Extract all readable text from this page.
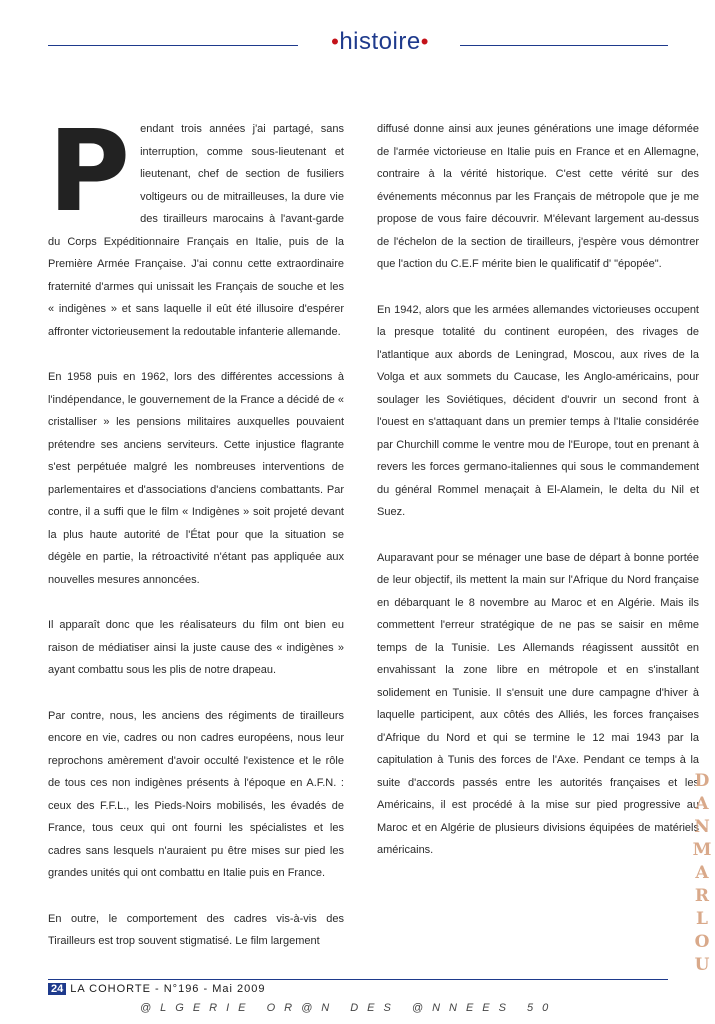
•histoire•

Pendant trois années j'ai partagé, sans interruption, comme sous-lieutenant et lieutenant, chef de section de fusiliers voltigeurs ou de mitrailleuses, la dure vie des tirailleurs marocains à l'avant-garde du Corps Expéditionnaire Français en Italie, puis de la Première Armée Française. J'ai connu cette extraordinaire fraternité d'armes qui unissait les Français de souche et les « indigènes » et sans laquelle il eût été illusoire d'espérer affronter victorieusement la redoutable infanterie allemande.

En 1958 puis en 1962, lors des différentes accessions à l'indépendance, le gouvernement de la France a décidé de « cristalliser » les pensions militaires auxquelles pouvaient prétendre ses anciens serviteurs. Cette injustice flagrante s'est perpétuée malgré les nombreuses interventions de parlementaires et d'associations d'anciens combattants. Par contre, il a suffi que le film « Indigènes » soit projeté devant la plus haute autorité de l'État pour que la situation se dégèle en partie, la rétroactivité n'étant pas appliquée aux nouvelles mesures annoncées.

Il apparaît donc que les réalisateurs du film ont bien eu raison de médiatiser ainsi la juste cause des « indigènes » ayant combattu sous les plis de notre drapeau.

Par contre, nous, les anciens des régiments de tirailleurs encore en vie, cadres ou non cadres européens, nous leur reprochons amèrement d'avoir occulté l'existence et le rôle de tous ces non indigènes présents à l'époque en A.F.N. : ceux des F.F.L., les Pieds-Noirs mobilisés, les évadés de France, tous ceux qui ont fourni les spécialistes et les cadres sans lesquels n'auraient pu être mises sur pied les grandes unités qui ont combattu en Italie puis en France.

En outre, le comportement des cadres vis-à-vis des Tirailleurs est trop souvent stigmatisé. Le film largement

diffusé donne ainsi aux jeunes générations une image déformée de l'armée victorieuse en Italie puis en France et en Allemagne, contraire à la vérité historique. C'est cette vérité sur des événements méconnus par les Français de métropole que je me propose de vous faire découvrir. M'élevant largement au-dessus de l'échelon de la section de tirailleurs, j'espère vous démontrer que l'action du C.E.F mérite bien le qualificatif d' "épopée".

En 1942, alors que les armées allemandes victorieuses occupent la presque totalité du continent européen, des rivages de l'atlantique aux abords de Leningrad, Moscou, aux rives de la Volga et aux sommets du Caucase, les Anglo-américains, pour soulager les Soviétiques, décident d'ouvrir un second front à l'ouest en s'attaquant dans un premier temps à l'Italie considérée par Churchill comme le ventre mou de l'Europe, tout en prenant à revers les forces germano-italiennes qui sous le commandement du général Rommel menaçait à El-Alamein, le delta du Nil et Suez.

Auparavant pour se ménager une base de départ à bonne portée de leur objectif, ils mettent la main sur l'Afrique du Nord française en débarquant le 8 novembre au Maroc et en Algérie. Mais ils commettent l'erreur stratégique de ne pas se saisir en même temps de la Tunisie. Les Allemands réagissent aussitôt en envahissant la zone libre en métropole et en s'installant solidement en Tunisie. Il s'ensuit une dure campagne d'hiver à laquelle participent, aux côtés des Alliés, les forces françaises d'Afrique du Nord et qui se termine le 12 mai 1943 par la capitulation à Tunis des forces de l'Axe. Pendant ce temps à la suite d'accords passés entre les autorités françaises et les Américains, il est procédé à la mise sur pied progressive au Maroc et en Algérie de plusieurs divisions équipées de matériels américains.

DANMARLOU
24 LA COHORTE - N°196 - Mai 2009
@LGERIE OR@N DES @NNEES 50
